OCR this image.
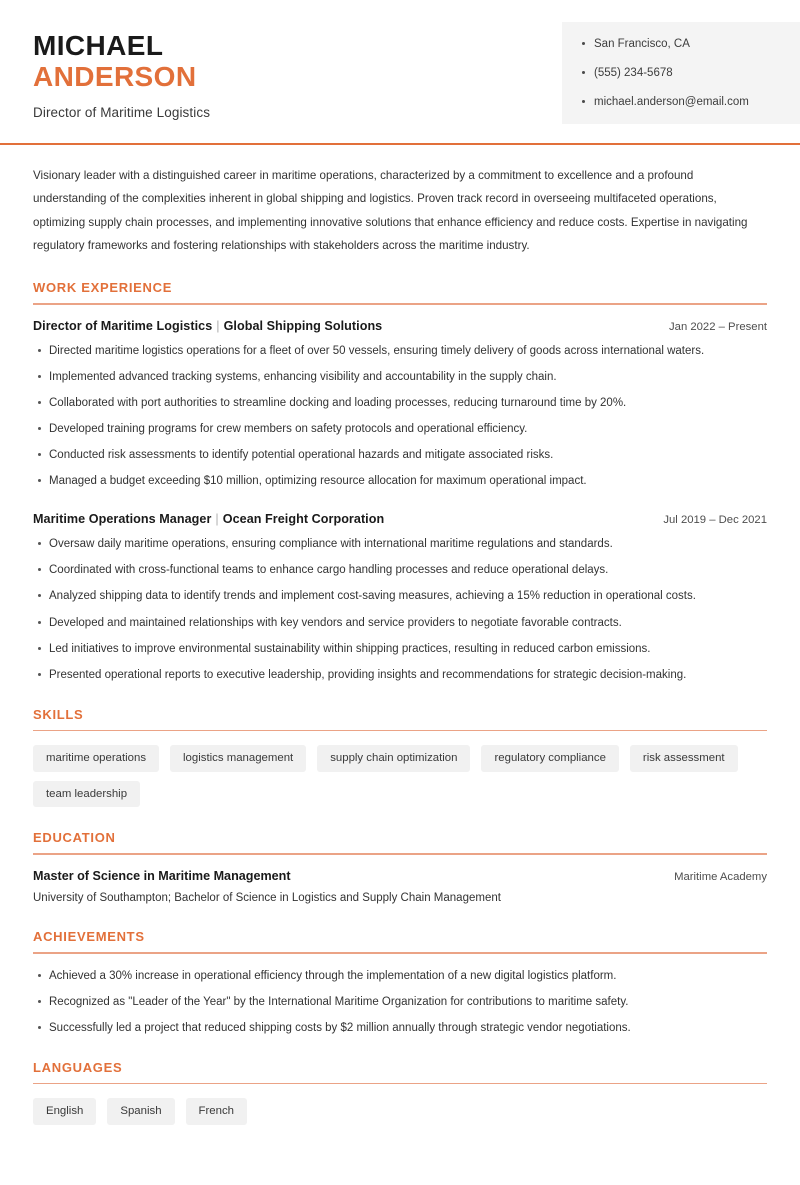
MICHAEL
ANDERSON
Director of Maritime Logistics
San Francisco, CA
(555) 234-5678
michael.anderson@email.com
Visionary leader with a distinguished career in maritime operations, characterized by a commitment to excellence and a profound understanding of the complexities inherent in global shipping and logistics. Proven track record in overseeing multifaceted operations, optimizing supply chain processes, and implementing innovative solutions that enhance efficiency and reduce costs. Expertise in navigating regulatory frameworks and fostering relationships with stakeholders across the maritime industry.
WORK EXPERIENCE
Director of Maritime Logistics | Global Shipping Solutions	Jan 2022 – Present
Directed maritime logistics operations for a fleet of over 50 vessels, ensuring timely delivery of goods across international waters.
Implemented advanced tracking systems, enhancing visibility and accountability in the supply chain.
Collaborated with port authorities to streamline docking and loading processes, reducing turnaround time by 20%.
Developed training programs for crew members on safety protocols and operational efficiency.
Conducted risk assessments to identify potential operational hazards and mitigate associated risks.
Managed a budget exceeding $10 million, optimizing resource allocation for maximum operational impact.
Maritime Operations Manager | Ocean Freight Corporation	Jul 2019 – Dec 2021
Oversaw daily maritime operations, ensuring compliance with international maritime regulations and standards.
Coordinated with cross-functional teams to enhance cargo handling processes and reduce operational delays.
Analyzed shipping data to identify trends and implement cost-saving measures, achieving a 15% reduction in operational costs.
Developed and maintained relationships with key vendors and service providers to negotiate favorable contracts.
Led initiatives to improve environmental sustainability within shipping practices, resulting in reduced carbon emissions.
Presented operational reports to executive leadership, providing insights and recommendations for strategic decision-making.
SKILLS
maritime operations	logistics management	supply chain optimization	regulatory compliance	risk assessment
team leadership
EDUCATION
Master of Science in Maritime Management	Maritime Academy
University of Southampton; Bachelor of Science in Logistics and Supply Chain Management
ACHIEVEMENTS
Achieved a 30% increase in operational efficiency through the implementation of a new digital logistics platform.
Recognized as "Leader of the Year" by the International Maritime Organization for contributions to maritime safety.
Successfully led a project that reduced shipping costs by $2 million annually through strategic vendor negotiations.
LANGUAGES
English	Spanish	French
